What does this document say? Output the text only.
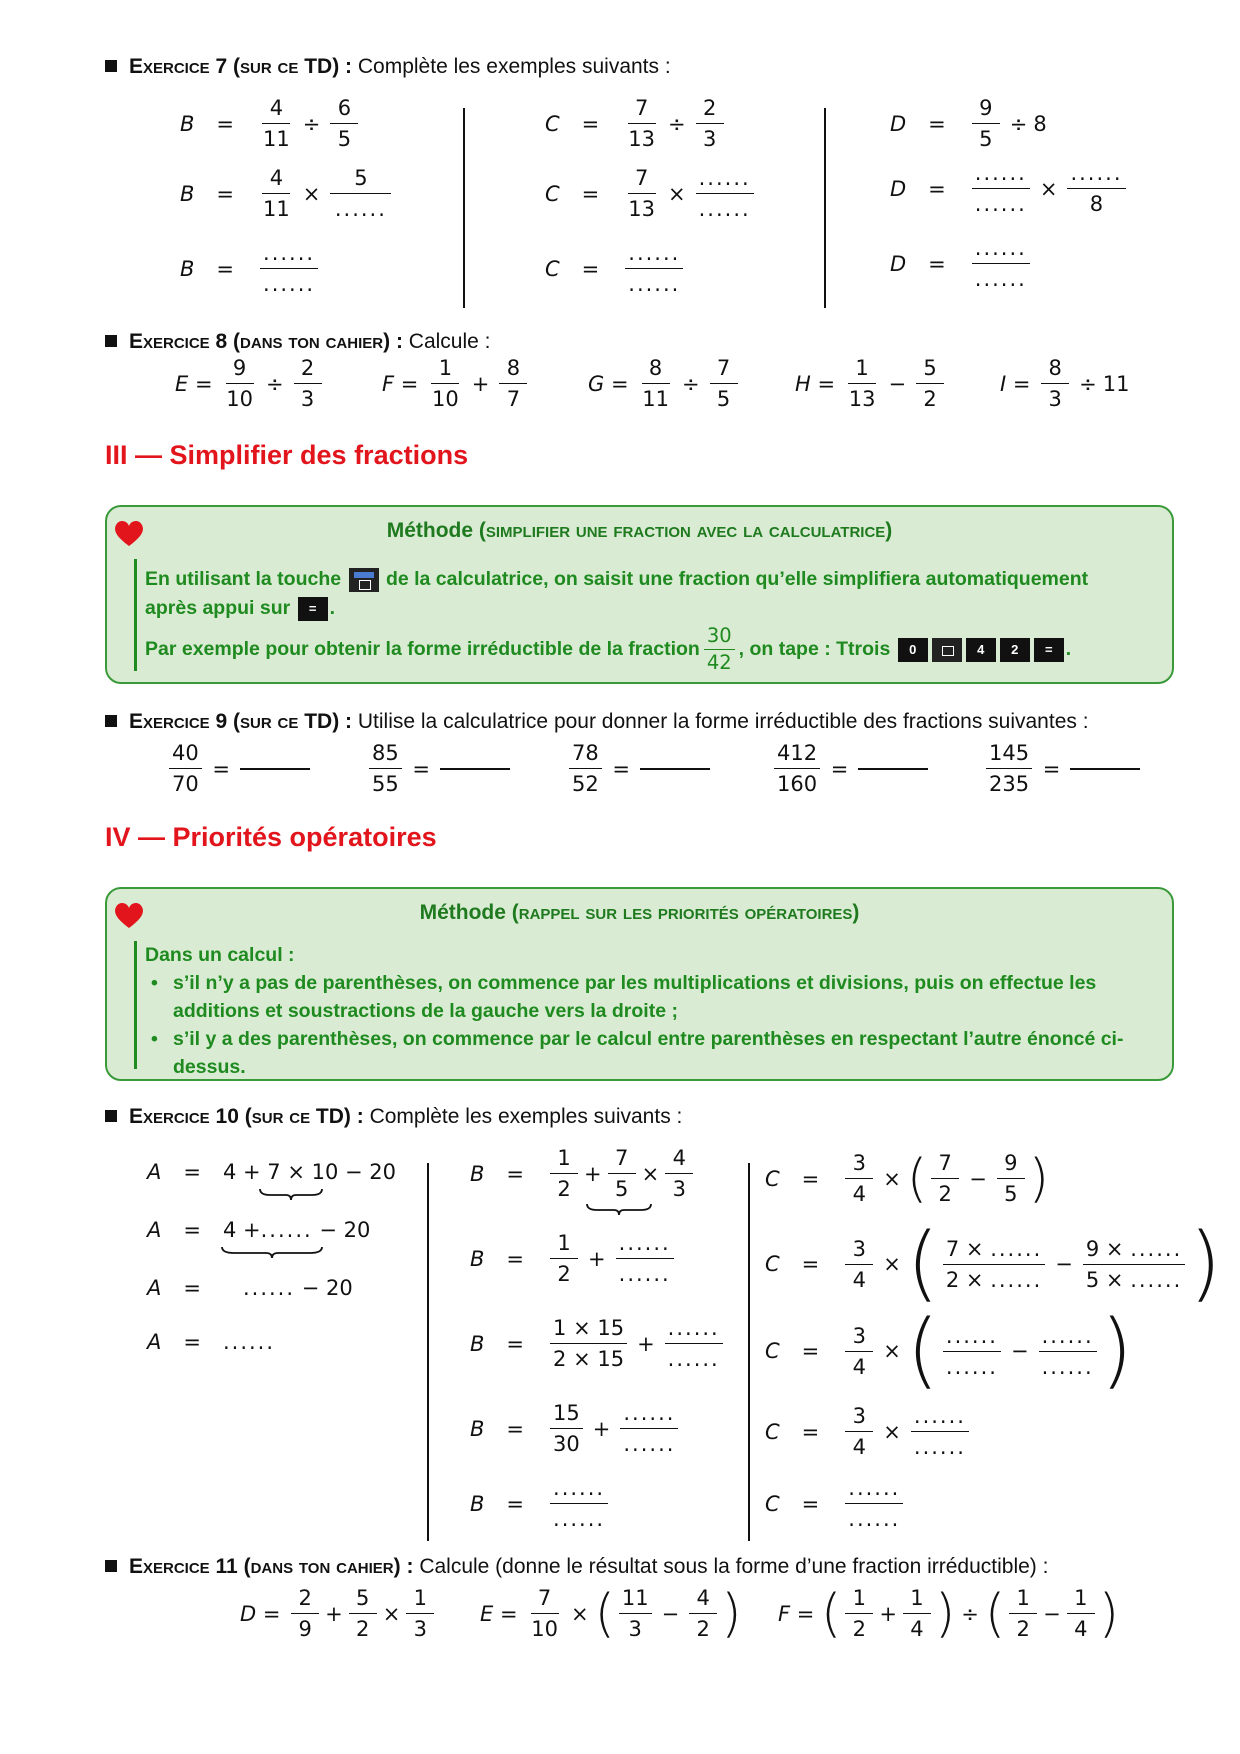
Exercice 7 (sur ce TD) : Complète les exemples suivants :
$B = \frac{4}{11} \div \frac{6}{5}$
$B = \frac{4}{11} \times \frac{5}{......}$
$B = \frac{......}{......}$
$C = \frac{7}{13} \div \frac{2}{3}$
$C = \frac{7}{13} \times \frac{......}{......}$
$C = \frac{......}{......}$
$D = \frac{9}{5} \div 8$
$D = \frac{......}{......} \times \frac{......}{8}$
$D = \frac{......}{......}$
Exercice 8 (dans ton cahier) : Calcule :
$E = \frac{9}{10} \div \frac{2}{3}$	$F = \frac{1}{10} + \frac{8}{7}$	$G = \frac{8}{11} \div \frac{7}{5}$	$H = \frac{1}{13} - \frac{5}{2}$	$I = \frac{8}{3} \div 11$
III — Simplifier des fractions
Méthode (simplifier une fraction avec la calculatrice)
En utilisant la touche de la calculatrice, on saisit une fraction qu’elle simplifiera automatiquement
après appui sur = .
Par exemple pour obtenir la forme irréductible de la fraction $\frac{30}{42}$ , on tape : Ttrois
	0	4	2	= .
Exercice 9 (sur ce TD) : Utilise la calculatrice pour donner la forme irréductible des fractions suivantes :
$\frac{40}{70}$ =	$\frac{85}{55}$ =	$\frac{78}{52}$ =	$\frac{412}{160}$ =	$\frac{145}{235}$ =
IV — Priorités opératoires
Méthode (rappel sur les priorités opératoires)
Dans un calcul :
• s’il n’y a pas de parenthèses, on commence par les multiplications et divisions, puis on effectue les additions et soustractions de la gauche vers la droite ;
• s’il y a des parenthèses, on commence par le calcul entre parenthèses en respectant l’autre énoncé ci-dessus.
Exercice 10 (sur ce TD) : Complète les exemples suivants :
A = 4 + 7 × 10 − 20
A = 4 + ...... − 20
A = ...... − 20
A = ......
$B = \frac{1}{2} + \frac{7}{5} \times \frac{4}{3}$
$B = \frac{1}{2} + \frac{......}{......}$
$B = \frac{1 \times 15}{2 \times 15} + \frac{......}{......}$
$B = \frac{15}{30} + \frac{......}{......}$
$B = \frac{......}{......}$
$C = \frac{3}{4}$ × ( $\frac{7}{2} - \frac{9}{5}$ )
$C = \frac{3}{4}$ × ( $\frac{7 \times ......}{2 \times ......} - \frac{9 \times ......}{5 \times ......}$ )
$C = \frac{3}{4}$ × ( $\frac{......}{......} - \frac{......}{......}$ )
$C = \frac{3}{4} \times \frac{......}{......}$
$C = \frac{......}{......}$
Exercice 11 (dans ton cahier) : Calcule (donne le résultat sous la forme d’une fraction irréductible) :
$D = \frac{2}{9} + \frac{5}{2} \times \frac{1}{3}$ $E = \frac{7}{10}$ × ( $\frac{11}{3} - \frac{4}{2}$ ) F = ( $\frac{1}{2} + \frac{1}{4}$ ) ÷ ( $\frac{1}{2} - \frac{1}{4}$ )
